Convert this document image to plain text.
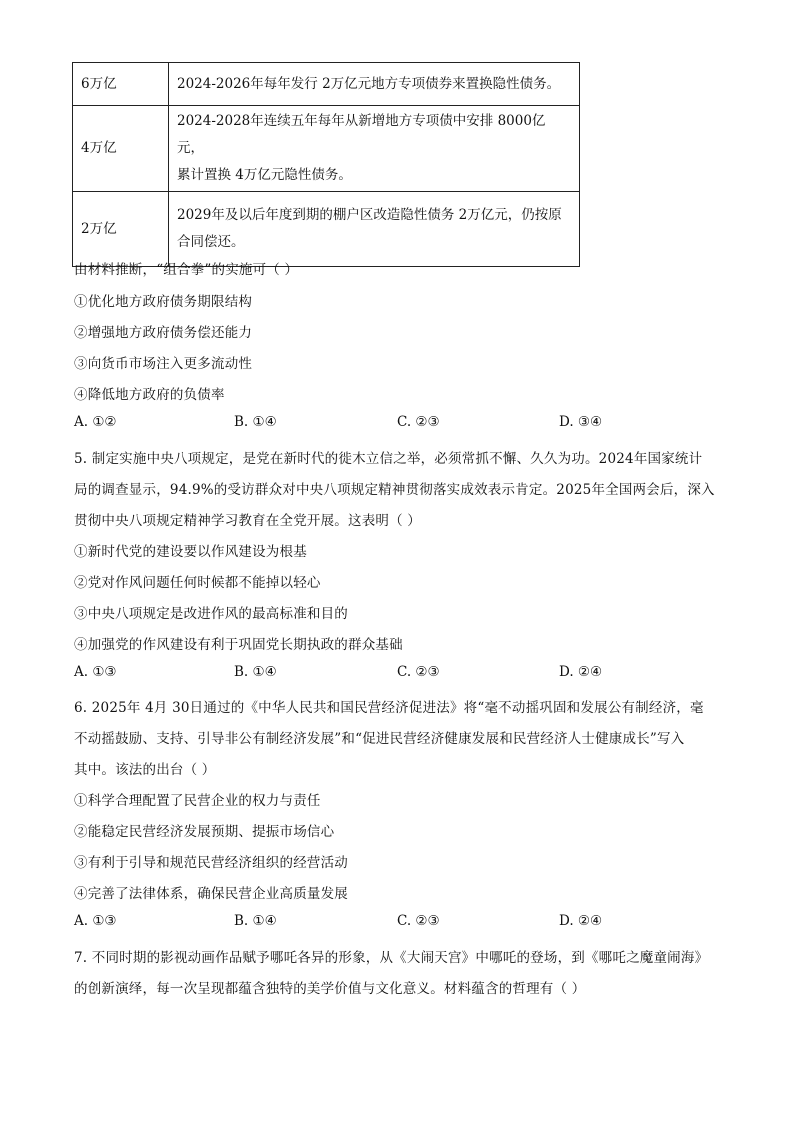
6万亿	2024-2026年每年发行 2万亿元地方专项债券来置换隐性债务。

4万亿	2024-2028年连续五年每年从新增地方专项债中安排 8000亿元，
累计置换 4万亿元隐性债务。

2万亿	2029年及以后年度到期的棚户区改造隐性债务 2万亿元，仍按原
合同偿还。
由材料推断，“组合拳”的实施可（ ）
①优化地方政府债务期限结构
②增强地方政府债务偿还能力
③向货币市场注入更多流动性
④降低地方政府的负债率
A. ①②	B. ①④	C. ②③	D. ③④
5. 制定实施中央八项规定，是党在新时代的徙木立信之举，必须常抓不懈、久久为功。2024年国家统计
局的调查显示，94.9%的受访群众对中央八项规定精神贯彻落实成效表示肯定。2025年全国两会后，深入
贯彻中央八项规定精神学习教育在全党开展。这表明（ ）
①新时代党的建设要以作风建设为根基
②党对作风问题任何时候都不能掉以轻心
③中央八项规定是改进作风的最高标准和目的
④加强党的作风建设有利于巩固党长期执政的群众基础
A. ①③	B. ①④	C. ②③	D. ②④
6. 2025年 4月 30日通过的《中华人民共和国民营经济促进法》将“毫不动摇巩固和发展公有制经济，毫
不动摇鼓励、支持、引导非公有制经济发展”和“促进民营经济健康发展和民营经济人士健康成长”写入
其中。该法的出台（ ）
①科学合理配置了民营企业的权力与责任
②能稳定民营经济发展预期、提振市场信心
③有利于引导和规范民营经济组织的经营活动
④完善了法律体系，确保民营企业高质量发展
A. ①③	B. ①④	C. ②③	D. ②④
7. 不同时期的影视动画作品赋予哪吒各异的形象，从《大闹天宫》中哪吒的登场，到《哪吒之魔童闹海》
的创新演绎，每一次呈现都蕴含独特的美学价值与文化意义。材料蕴含的哲理有（ ）
